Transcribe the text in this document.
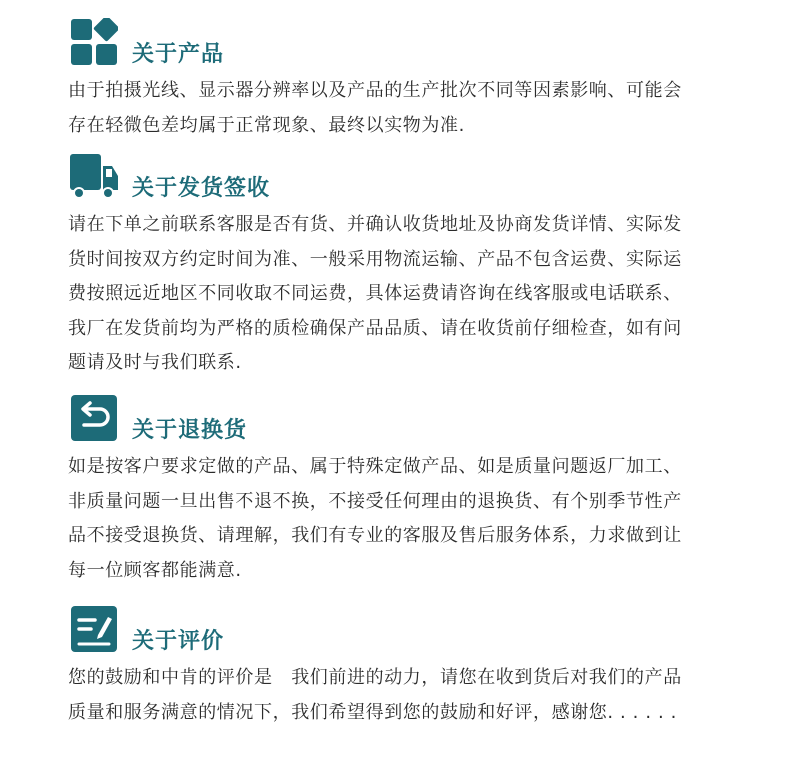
关于产品
由于拍摄光线、显示器分辨率以及产品的生产批次不同等因素影响、可能会
存在轻微色差均属于正常现象、最终以实物为准.
关于发货签收
请在下单之前联系客服是否有货、并确认收货地址及协商发货详情、实际发
货时间按双方约定时间为准、一般采用物流运输、产品不包含运费、实际运
费按照远近地区不同收取不同运费，具体运费请咨询在线客服或电话联系、
我厂在发货前均为严格的质检确保产品品质、请在收货前仔细检查，如有问
题请及时与我们联系.
关于退换货
如是按客户要求定做的产品、属于特殊定做产品、如是质量问题返厂加工、
非质量问题一旦出售不退不换，不接受任何理由的退换货、有个别季节性产
品不接受退换货、请理解，我们有专业的客服及售后服务体系，力求做到让
每一位顾客都能满意.
关于评价
您的鼓励和中肯的评价是　我们前进的动力，请您在收到货后对我们的产品
质量和服务满意的情况下，我们希望得到您的鼓励和好评，感谢您. . . . . .
